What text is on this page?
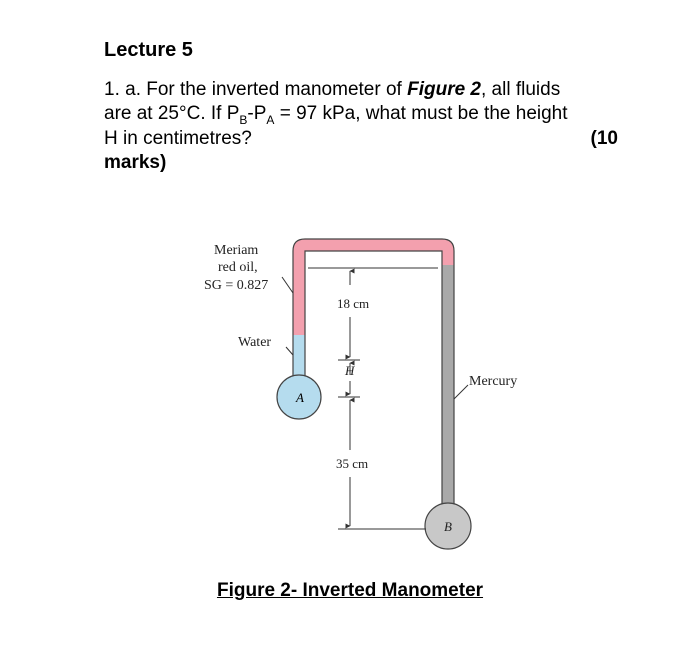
Lecture 5
1. a. For the inverted manometer of Figure 2, all fluids
are at 25°C. If $P_B-P_A = 97$ kPa, what must be the height
H in centimetres?	(10
marks)
A
B
18 cm
H
35 cm
Meriam
red oil,
SG = 0.827
Water
Mercury

Figure 2- Inverted Manometer
